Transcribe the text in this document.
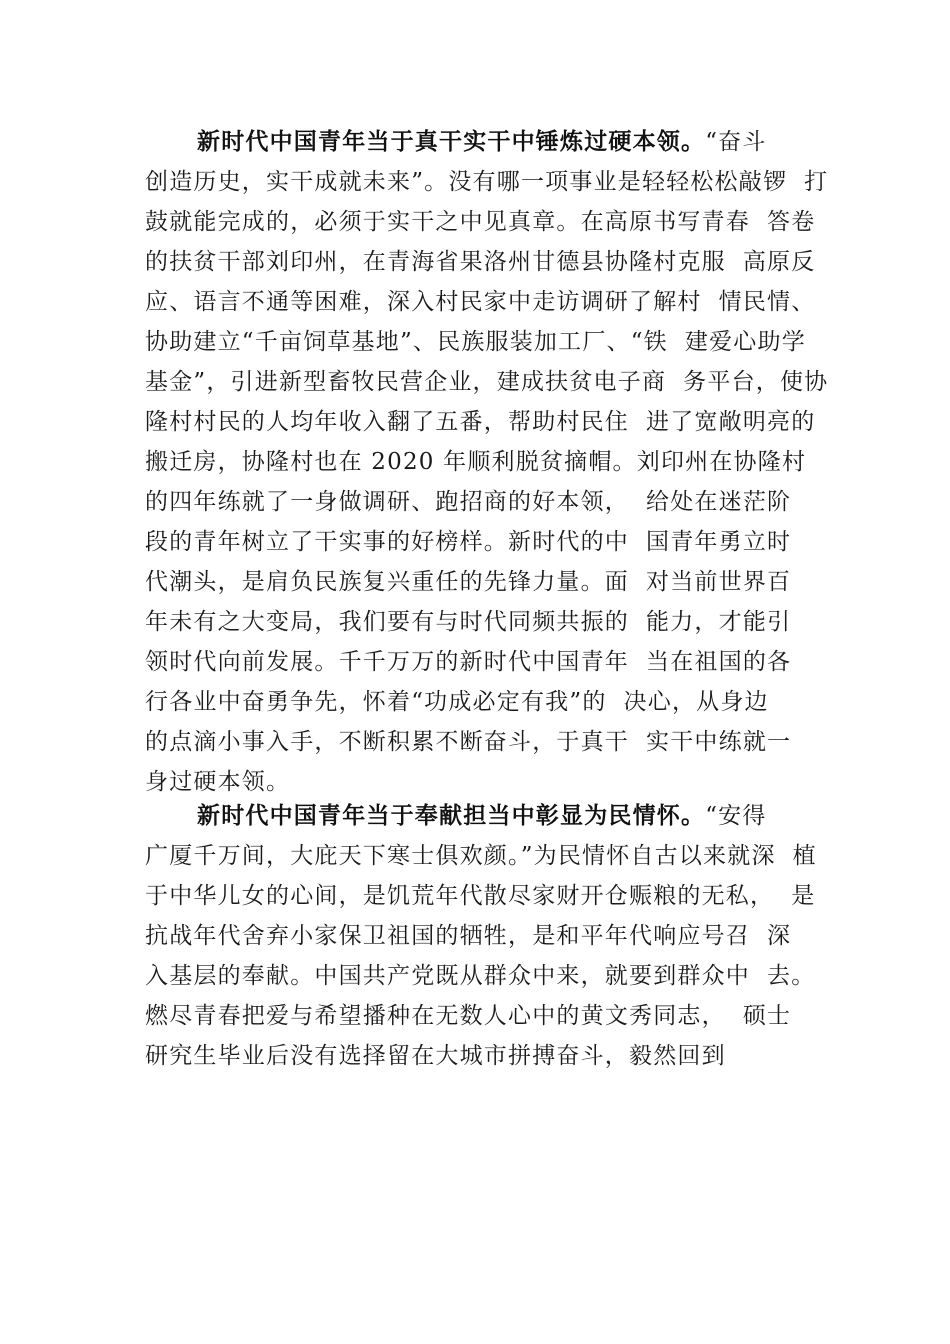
新时代中国青年当于真干实干中锤炼过硬本领。“奋斗
创造历史，实干成就未来”。没有哪一项事业是轻轻松松敲锣  打
鼓就能完成的，必须于实干之中见真章。在高原书写青春  答卷
的扶贫干部刘印州，在青海省果洛州甘德县协隆村克服  高原反
应、语言不通等困难，深入村民家中走访调研了解村  情民情、
协助建立“千亩饲草基地”、民族服装加工厂、“铁  建爱心助学
基金”，引进新型畜牧民营企业，建成扶贫电子商  务平台，使协
隆村村民的人均年收入翻了五番，帮助村民住  进了宽敞明亮的
搬迁房，协隆村也在 2020 年顺利脱贫摘帽。刘印州在协隆村
的四年练就了一身做调研、跑招商的好本领，  给处在迷茫阶
段的青年树立了干实事的好榜样。新时代的中  国青年勇立时
代潮头，是肩负民族复兴重任的先锋力量。面  对当前世界百
年未有之大变局，我们要有与时代同频共振的  能力，才能引
领时代向前发展。千千万万的新时代中国青年  当在祖国的各
行各业中奋勇争先，怀着“功成必定有我”的  决心，从身边
的点滴小事入手，不断积累不断奋斗，于真干  实干中练就一
身过硬本领。
新时代中国青年当于奉献担当中彰显为民情怀。“安得
广厦千万间，大庇天下寒士俱欢颜。”为民情怀自古以来就深  植
于中华儿女的心间，是饥荒年代散尽家财开仓赈粮的无私，  是
抗战年代舍弃小家保卫祖国的牺牲，是和平年代响应号召  深
入基层的奉献。中国共产党既从群众中来，就要到群众中  去。
燃尽青春把爱与希望播种在无数人心中的黄文秀同志，  硕士
研究生毕业后没有选择留在大城市拼搏奋斗，毅然回到
